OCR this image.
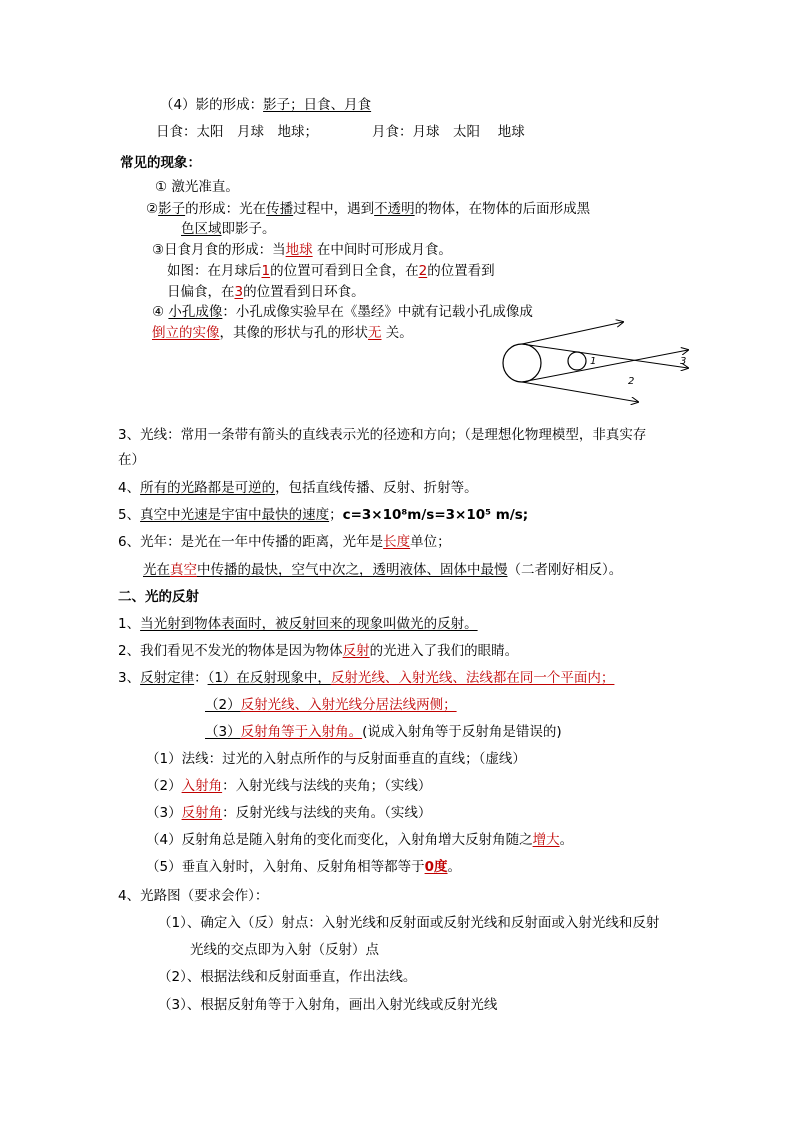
（4）影的形成：影子；日食、月食
日食：太阳　月球　地球；	月食：月球　太阳　 地球
常见的现象：
① 激光准直。
②影子的形成：光在传播过程中，遇到不透明的物体，在物体的后面形成黑
色区域即影子。
③日食月食的形成：当地球 在中间时可形成月食。
如图：在月球后1的位置可看到日全食，在2的位置看到
日偏食，在3的位置看到日环食。
④ 小孔成像：小孔成像实验早在《墨经》中就有记载小孔成像成
倒立的实像，其像的形状与孔的形状无 关。
1
2
3
3、光线：常用一条带有箭头的直线表示光的径迹和方向；（是理想化物理模型，非真实存
在）
4、所有的光路都是可逆的，包括直线传播、反射、折射等。
5、真空中光速是宇宙中最快的速度；c=3×10⁸m/s=3×10⁵ m/s;
6、光年：是光在一年中传播的距离，光年是长度单位；
光在真空中传播的最快，空气中次之，透明液体、固体中最慢（二者刚好相反）。
二、光的反射
1、当光射到物体表面时，被反射回来的现象叫做光的反射。
2、我们看见不发光的物体是因为物体反射的光进入了我们的眼睛。
3、反射定律：（1）在反射现象中，反射光线、入射光线、法线都在同一个平面内；
（2）反射光线、入射光线分居法线两侧；
（3）反射角等于入射角。(说成入射角等于反射角是错误的)
（1）法线：过光的入射点所作的与反射面垂直的直线；（虚线）
（2）入射角：入射光线与法线的夹角；（实线）
（3）反射角：反射光线与法线的夹角。（实线）
（4）反射角总是随入射角的变化而变化，入射角增大反射角随之增大。
（5）垂直入射时，入射角、反射角相等都等于0度。
4、光路图（要求会作）：
（1）、确定入（反）射点：入射光线和反射面或反射光线和反射面或入射光线和反射
光线的交点即为入射（反射）点
（2）、根据法线和反射面垂直，作出法线。
（3）、根据反射角等于入射角，画出入射光线或反射光线
